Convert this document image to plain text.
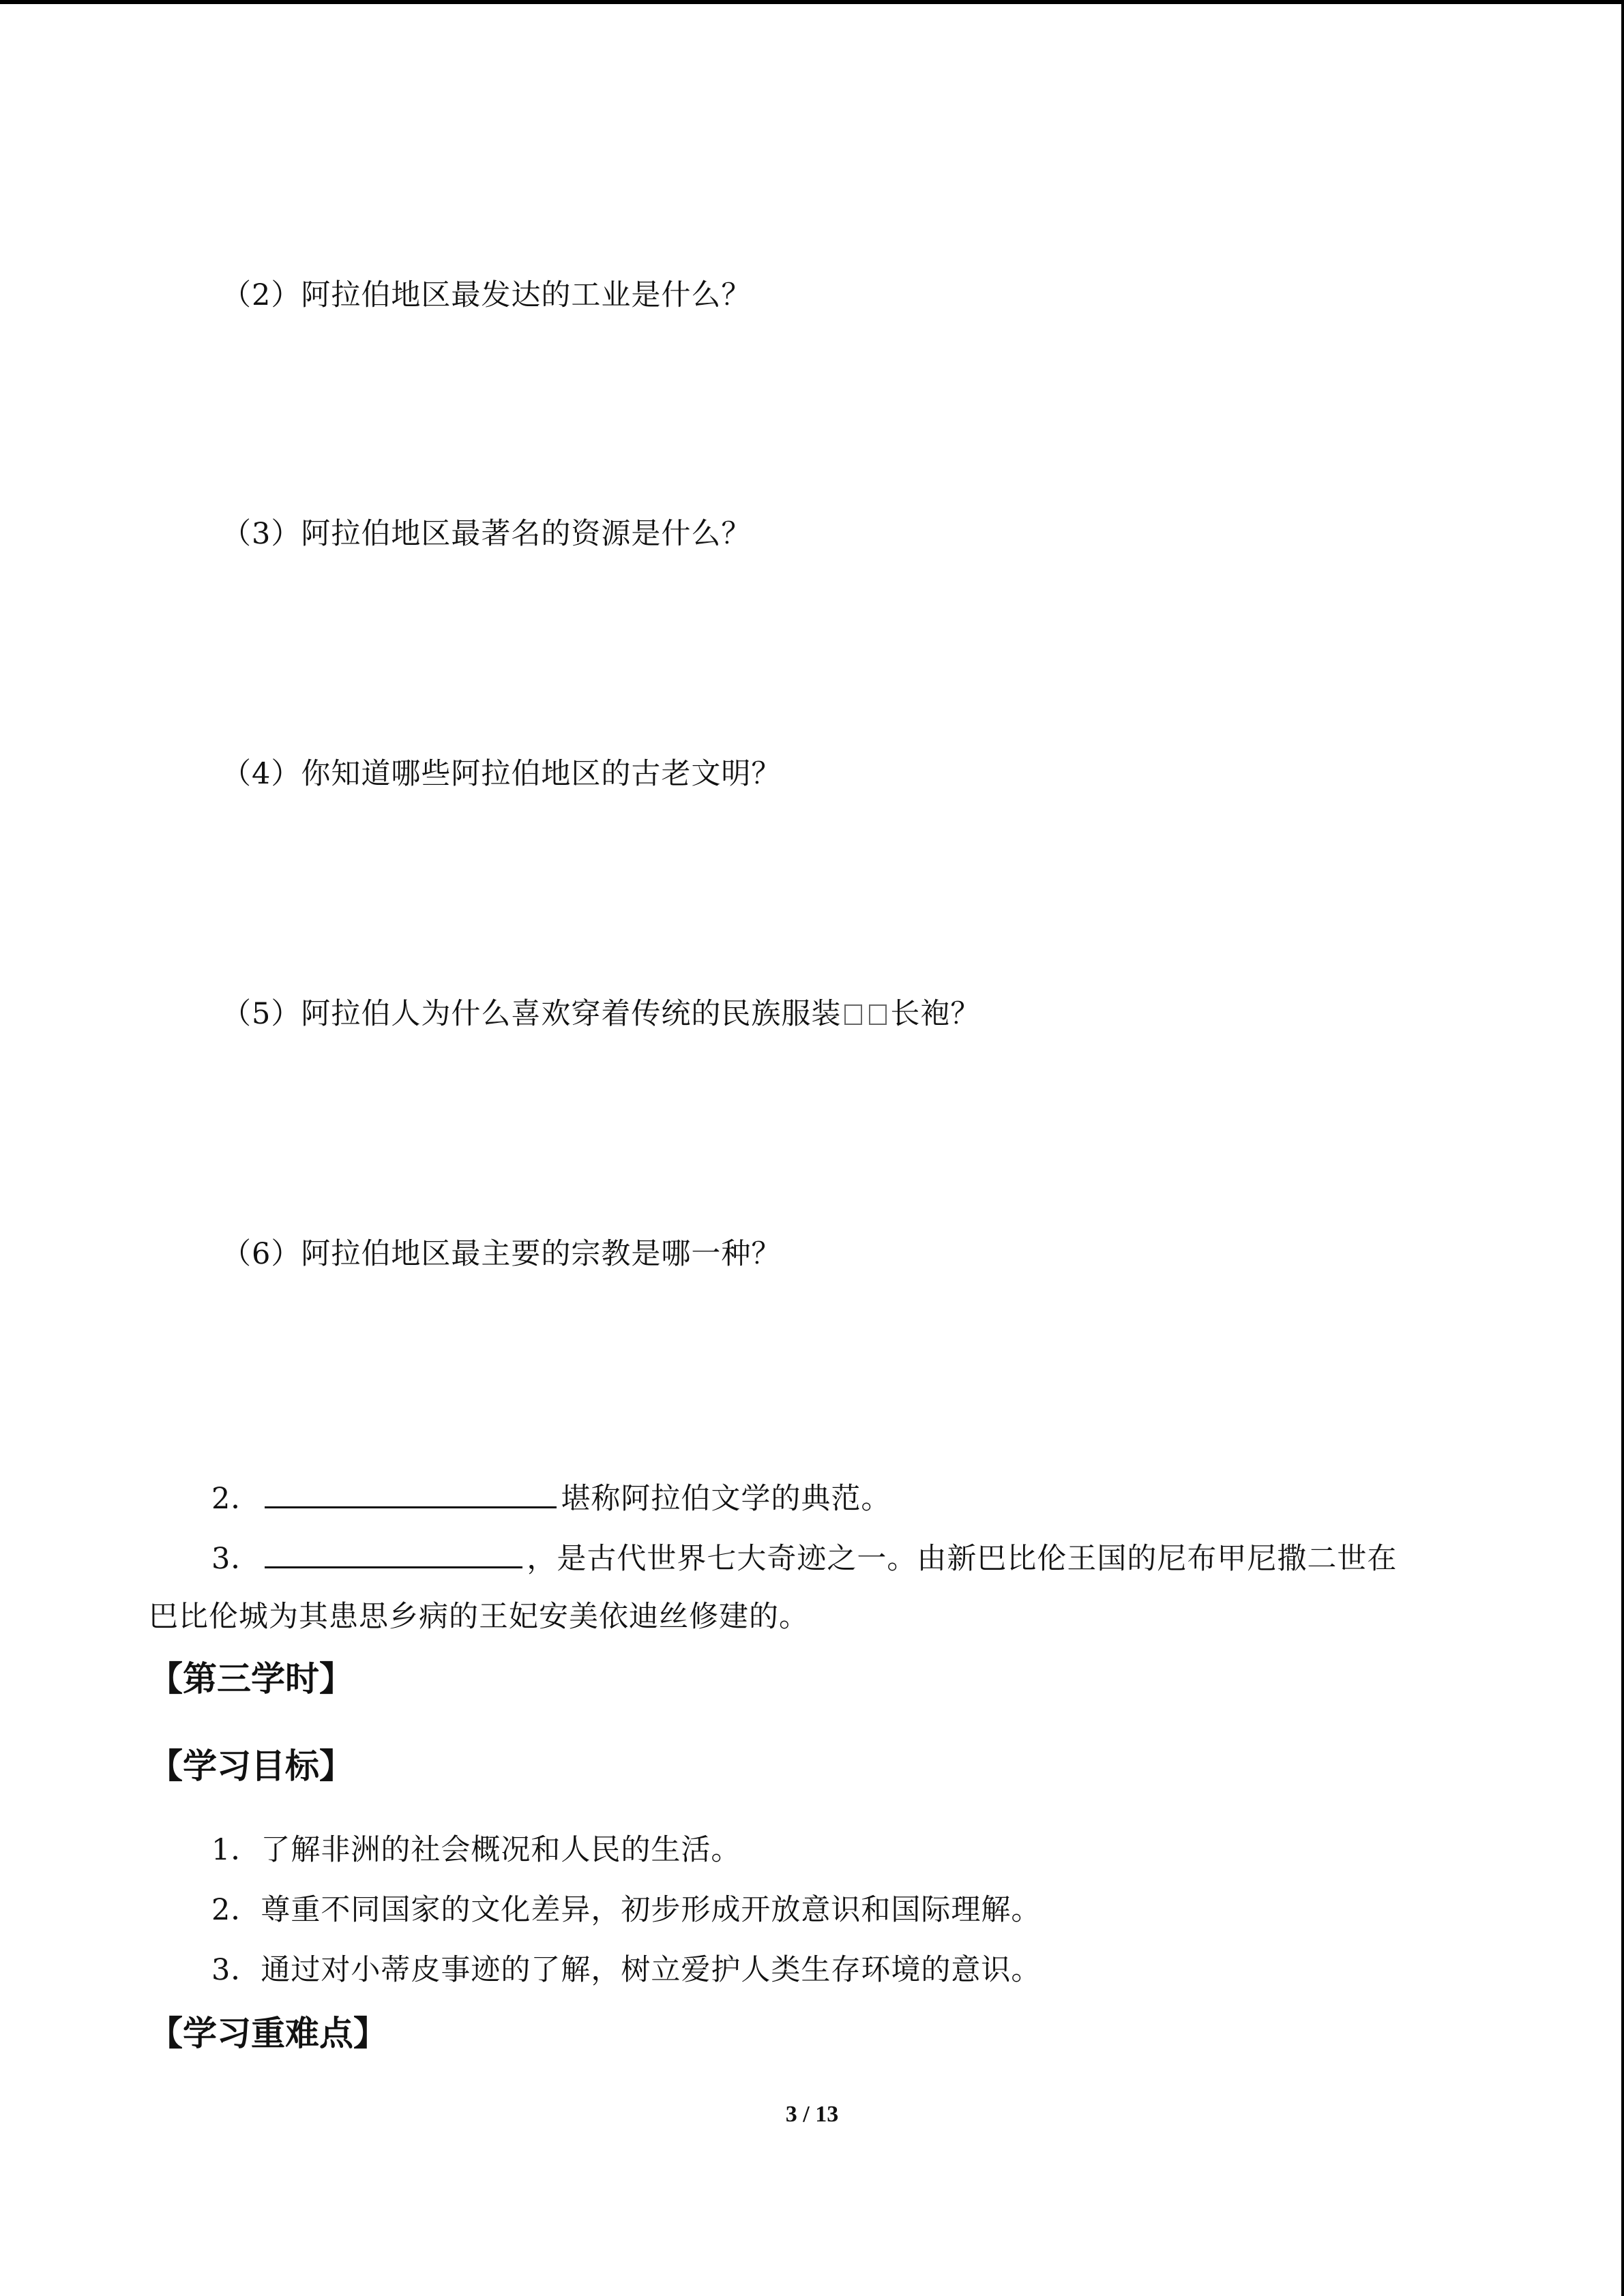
（2）阿拉伯地区最发达的工业是什么？
（3）阿拉伯地区最著名的资源是什么？
（4）你知道哪些阿拉伯地区的古老文明？
（5）阿拉伯人为什么喜欢穿着传统的民族服装 长袍？
（6）阿拉伯地区最主要的宗教是哪一种？
2．	堪称阿拉伯文学的典范。
3．	，是古代世界七大奇迹之一。由新巴比伦王国的尼布甲尼撒二世在
巴比伦城为其患思乡病的王妃安美依迪丝修建的。
【第三学时】
【学习目标】
1．了解非洲的社会概况和人民的生活。
2．尊重不同国家的文化差异，初步形成开放意识和国际理解。
3．通过对小蒂皮事迹的了解，树立爱护人类生存环境的意识。
【学习重难点】
3 / 13
